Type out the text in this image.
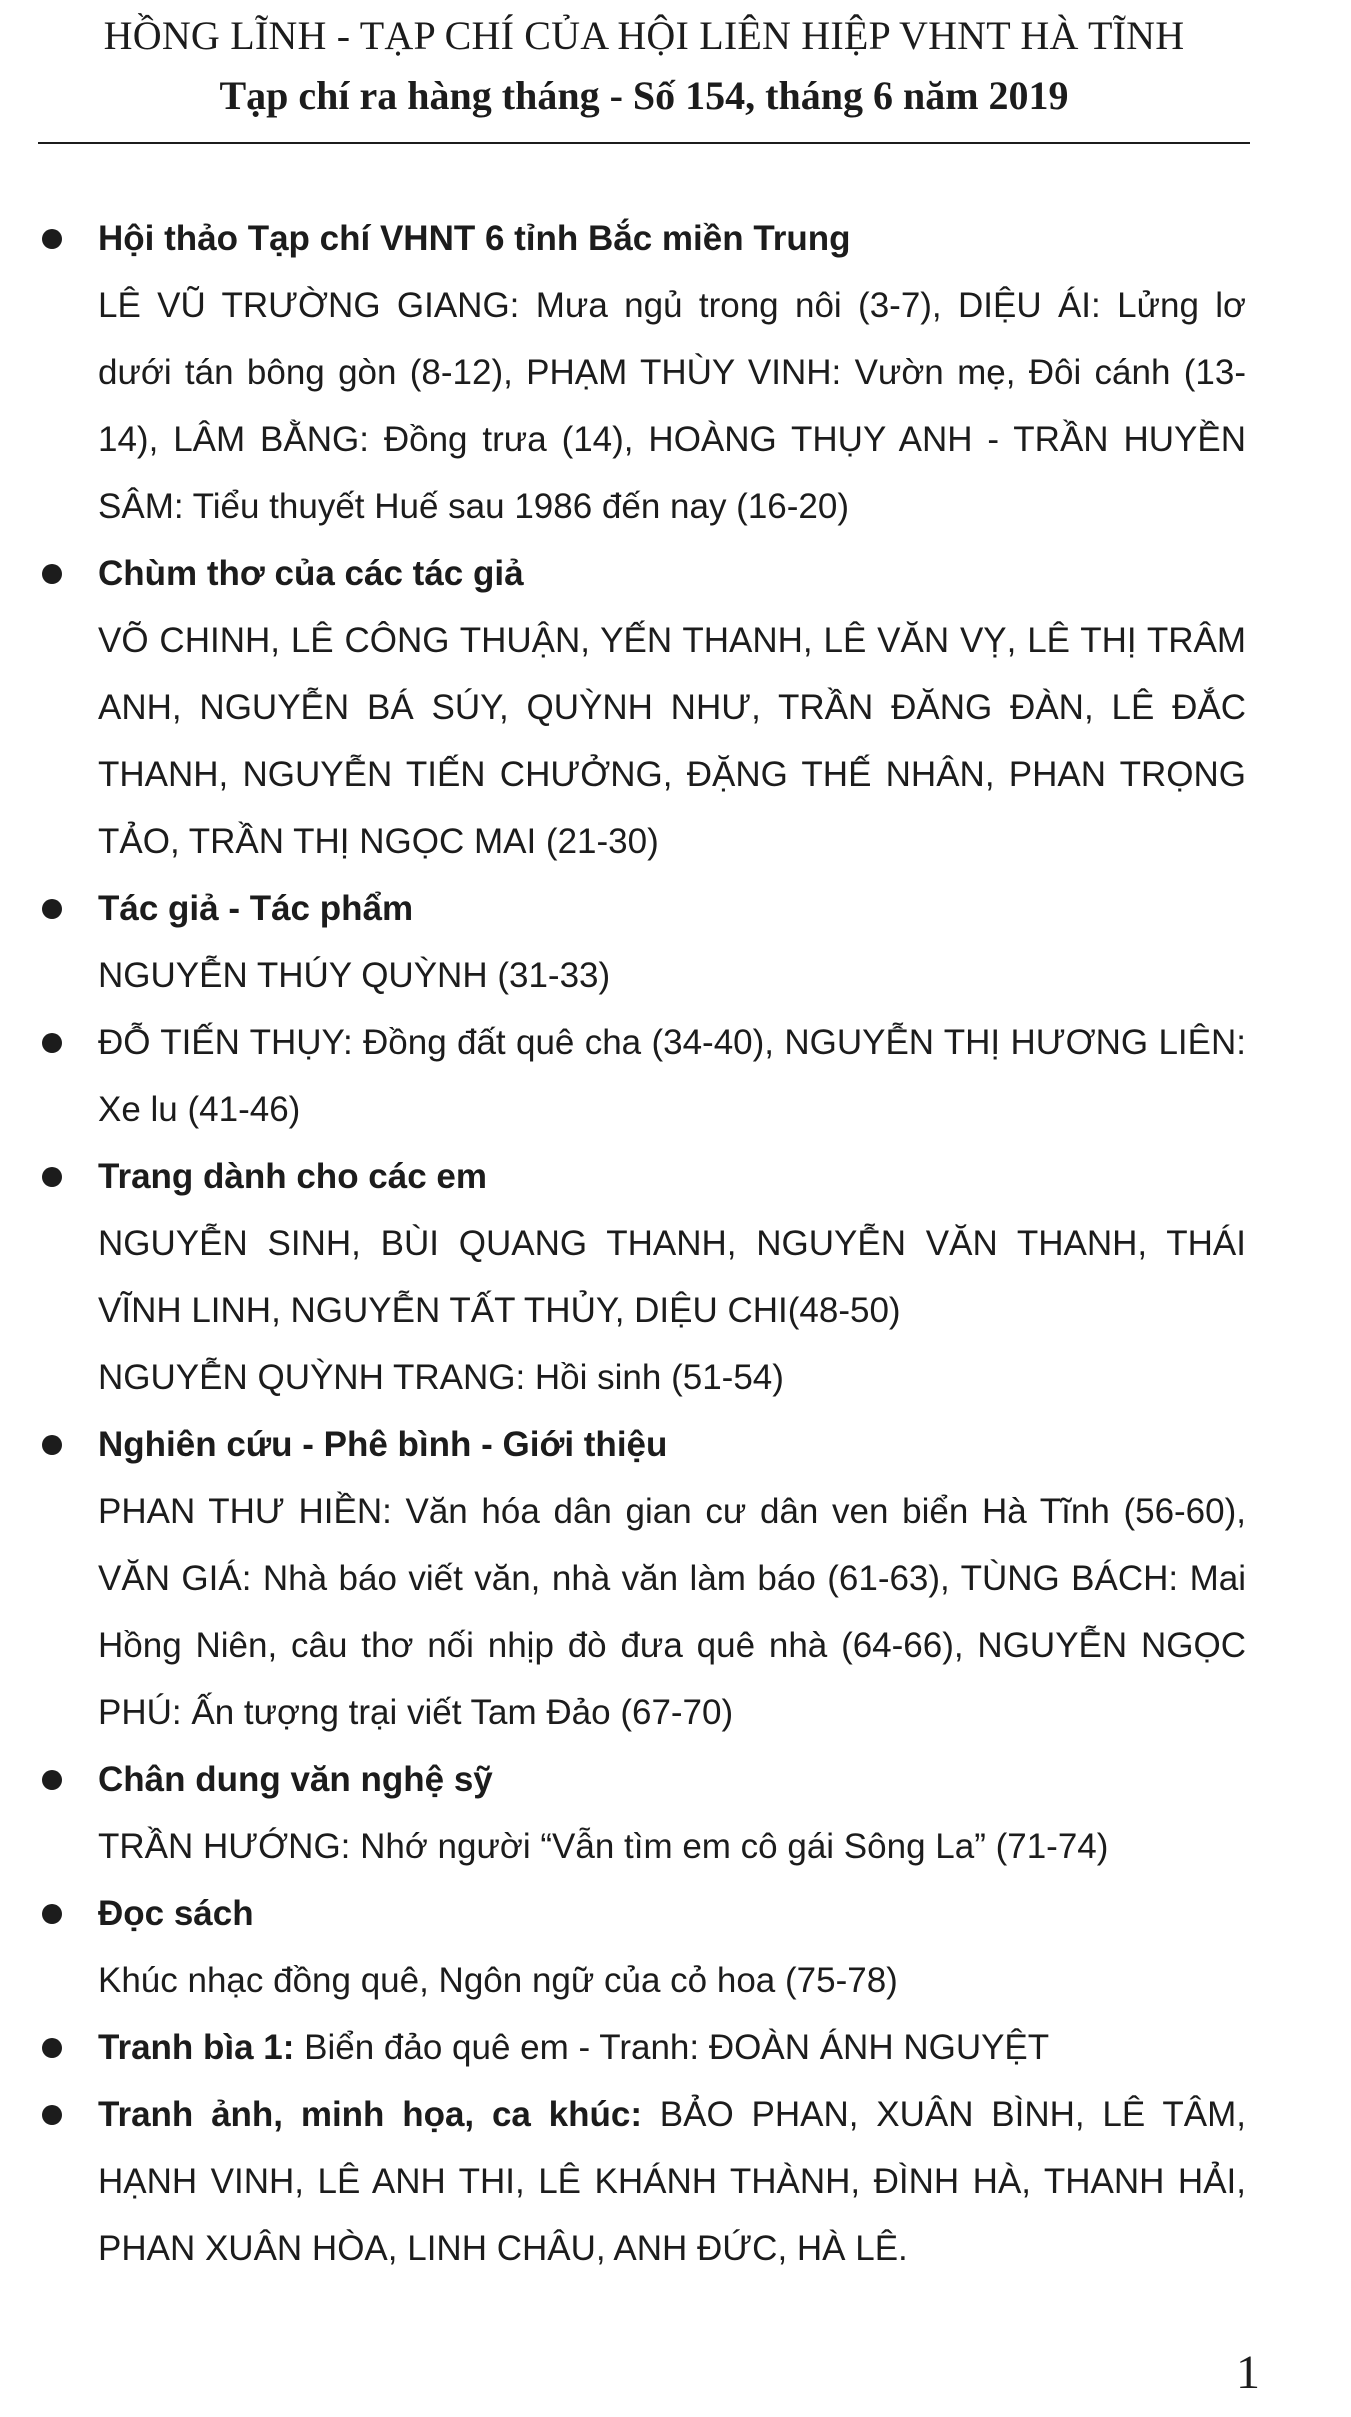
HỒNG LĨNH - TẠP CHÍ CỦA HỘI LIÊN HIỆP VHNT HÀ TĨNH
Tạp chí ra hàng tháng - Số 154, tháng 6 năm 2019
Hội thảo Tạp chí VHNT 6 tỉnh Bắc miền Trung
LÊ VŨ TRƯỜNG GIANG: Mưa ngủ trong nôi (3-7), DIỆU ÁI: Lửng lơ dưới tán bông gòn (8-12), PHẠM THÙY VINH: Vườn mẹ, Đôi cánh (13-14), LÂM BẰNG: Đồng trưa (14), HOÀNG THỤY ANH - TRẦN HUYỀN SÂM: Tiểu thuyết Huế sau 1986 đến nay (16-20)
Chùm thơ của các tác giả
VÕ CHINH, LÊ CÔNG THUẬN, YẾN THANH, LÊ VĂN VỴ, LÊ THỊ TRÂM ANH, NGUYỄN BÁ SÚY, QUỲNH NHƯ, TRẦN ĐĂNG ĐÀN, LÊ ĐẮC THANH, NGUYỄN TIẾN CHƯỞNG, ĐẶNG THẾ NHÂN, PHAN TRỌNG TẢO, TRẦN THỊ NGỌC MAI (21-30)
Tác giả - Tác phẩm
NGUYỄN THÚY QUỲNH (31-33)
ĐỖ TIẾN THỤY: Đồng đất quê cha (34-40), NGUYỄN THỊ HƯƠNG LIÊN: Xe lu (41-46)
Trang dành cho các em
NGUYỄN SINH, BÙI QUANG THANH, NGUYỄN VĂN THANH, THÁI VĨNH LINH, NGUYỄN TẤT THỦY, DIỆU CHI(48-50)
NGUYỄN QUỲNH TRANG: Hồi sinh (51-54)
Nghiên cứu - Phê bình - Giới thiệu
PHAN THƯ HIỀN: Văn hóa dân gian cư dân ven biển Hà Tĩnh (56-60), VĂN GIÁ: Nhà báo viết văn, nhà văn làm báo (61-63), TÙNG BÁCH: Mai Hồng Niên, câu thơ nối nhịp đò đưa quê nhà (64-66), NGUYỄN NGỌC PHÚ: Ấn tượng trại viết Tam Đảo (67-70)
Chân dung văn nghệ sỹ
TRẦN HƯỚNG: Nhớ người “Vẫn tìm em cô gái Sông La” (71-74)
Đọc sách
Khúc nhạc đồng quê, Ngôn ngữ của cỏ hoa (75-78)
Tranh bìa 1: Biển đảo quê em - Tranh: ĐOÀN ÁNH NGUYỆT
Tranh ảnh, minh họa, ca khúc: BẢO PHAN, XUÂN BÌNH, LÊ TÂM, HẠNH VINH, LÊ ANH THI, LÊ KHÁNH THÀNH, ĐÌNH HÀ, THANH HẢI, PHAN XUÂN HÒA, LINH CHÂU, ANH ĐỨC, HÀ LÊ.
1
